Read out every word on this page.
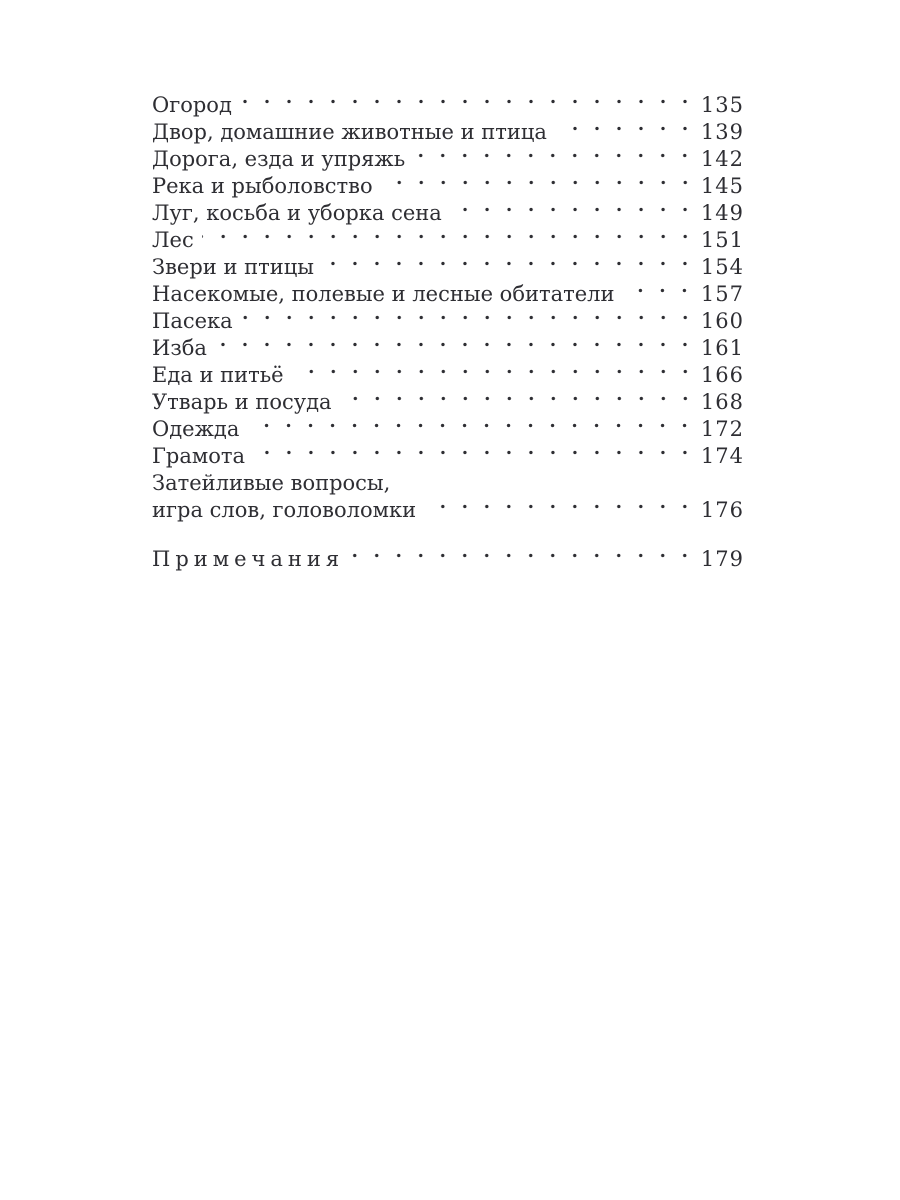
Огород	135
Двор, домашние животные и птица	139
Дорога, езда и упряжь	142
Река и рыболовство	145
Луг, косьба и уборка сена	149
Лес	151
Звери и птицы	154
Насекомые, полевые и лесные обитатели	157
Пасека	160
Изба	161
Еда и питьё	166
Утварь и посуда	168
Одежда	172
Грамота	174
Затейливые вопросы,
игра слов, головоломки	176
Примечания	179
